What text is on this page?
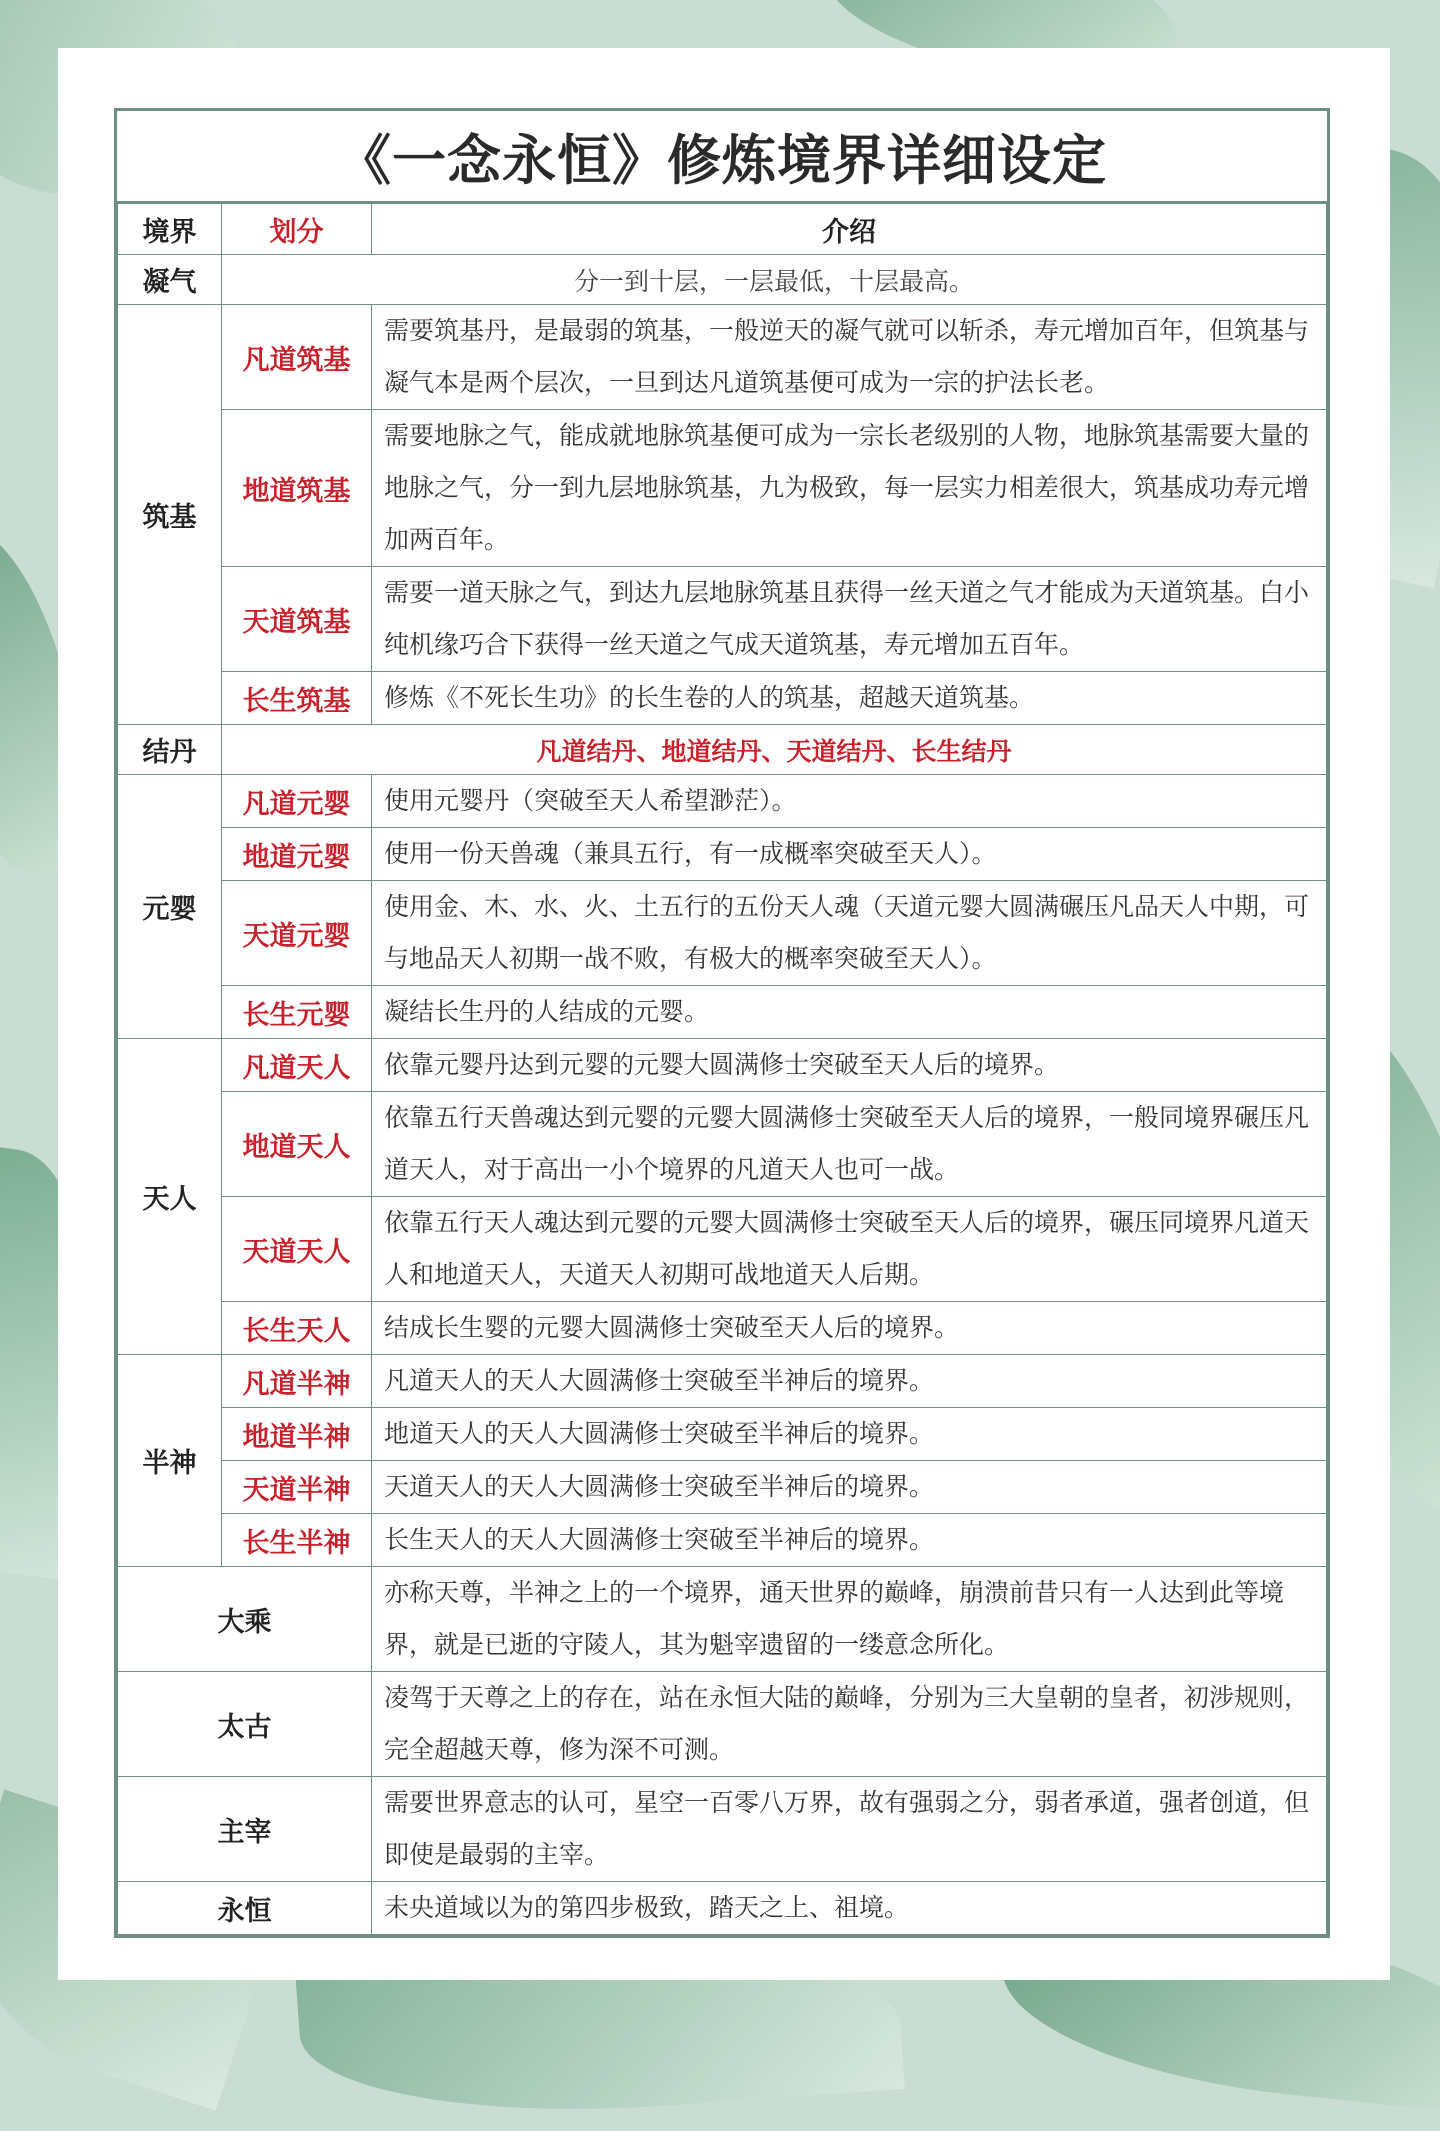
《一念永恒》修炼境界详细设定
境界	划分	介绍
凝气	分一到十层，一层最低，十层最高。	
筑基	凡道筑基	需要筑基丹，是最弱的筑基，一般逆天的凝气就可以斩杀，寿元增加百年，但筑基与凝气本是两个层次，一旦到达凡道筑基便可成为一宗的护法长老。
	地道筑基	需要地脉之气，能成就地脉筑基便可成为一宗长老级别的人物，地脉筑基需要大量的地脉之气，分一到九层地脉筑基，九为极致，每一层实力相差很大，筑基成功寿元增加两百年。
	天道筑基	需要一道天脉之气，到达九层地脉筑基且获得一丝天道之气才能成为天道筑基。白小纯机缘巧合下获得一丝天道之气成天道筑基，寿元增加五百年。
	长生筑基	修炼《不死长生功》的长生卷的人的筑基，超越天道筑基。
结丹	凡道结丹、地道结丹、天道结丹、长生结丹	
元婴	凡道元婴	使用元婴丹（突破至天人希望渺茫）。
	地道元婴	使用一份天兽魂（兼具五行，有一成概率突破至天人）。
	天道元婴	使用金、木、水、火、土五行的五份天人魂（天道元婴大圆满碾压凡品天人中期，可与地品天人初期一战不败，有极大的概率突破至天人）。
	长生元婴	凝结长生丹的人结成的元婴。
天人	凡道天人	依靠元婴丹达到元婴的元婴大圆满修士突破至天人后的境界。
	地道天人	依靠五行天兽魂达到元婴的元婴大圆满修士突破至天人后的境界，一般同境界碾压凡道天人，对于高出一小个境界的凡道天人也可一战。
	天道天人	依靠五行天人魂达到元婴的元婴大圆满修士突破至天人后的境界，碾压同境界凡道天人和地道天人，天道天人初期可战地道天人后期。
	长生天人	结成长生婴的元婴大圆满修士突破至天人后的境界。
半神	凡道半神	凡道天人的天人大圆满修士突破至半神后的境界。
	地道半神	地道天人的天人大圆满修士突破至半神后的境界。
	天道半神	天道天人的天人大圆满修士突破至半神后的境界。
	长生半神	长生天人的天人大圆满修士突破至半神后的境界。
大乘		亦称天尊，半神之上的一个境界，通天世界的巅峰，崩溃前昔只有一人达到此等境界，就是已逝的守陵人，其为魁宰遗留的一缕意念所化。
太古		凌驾于天尊之上的存在，站在永恒大陆的巅峰，分别为三大皇朝的皇者，初涉规则，完全超越天尊，修为深不可测。
主宰		需要世界意志的认可，星空一百零八万界，故有强弱之分，弱者承道，强者创道，但即使是最弱的主宰。
永恒		未央道域以为的第四步极致，踏天之上、祖境。
